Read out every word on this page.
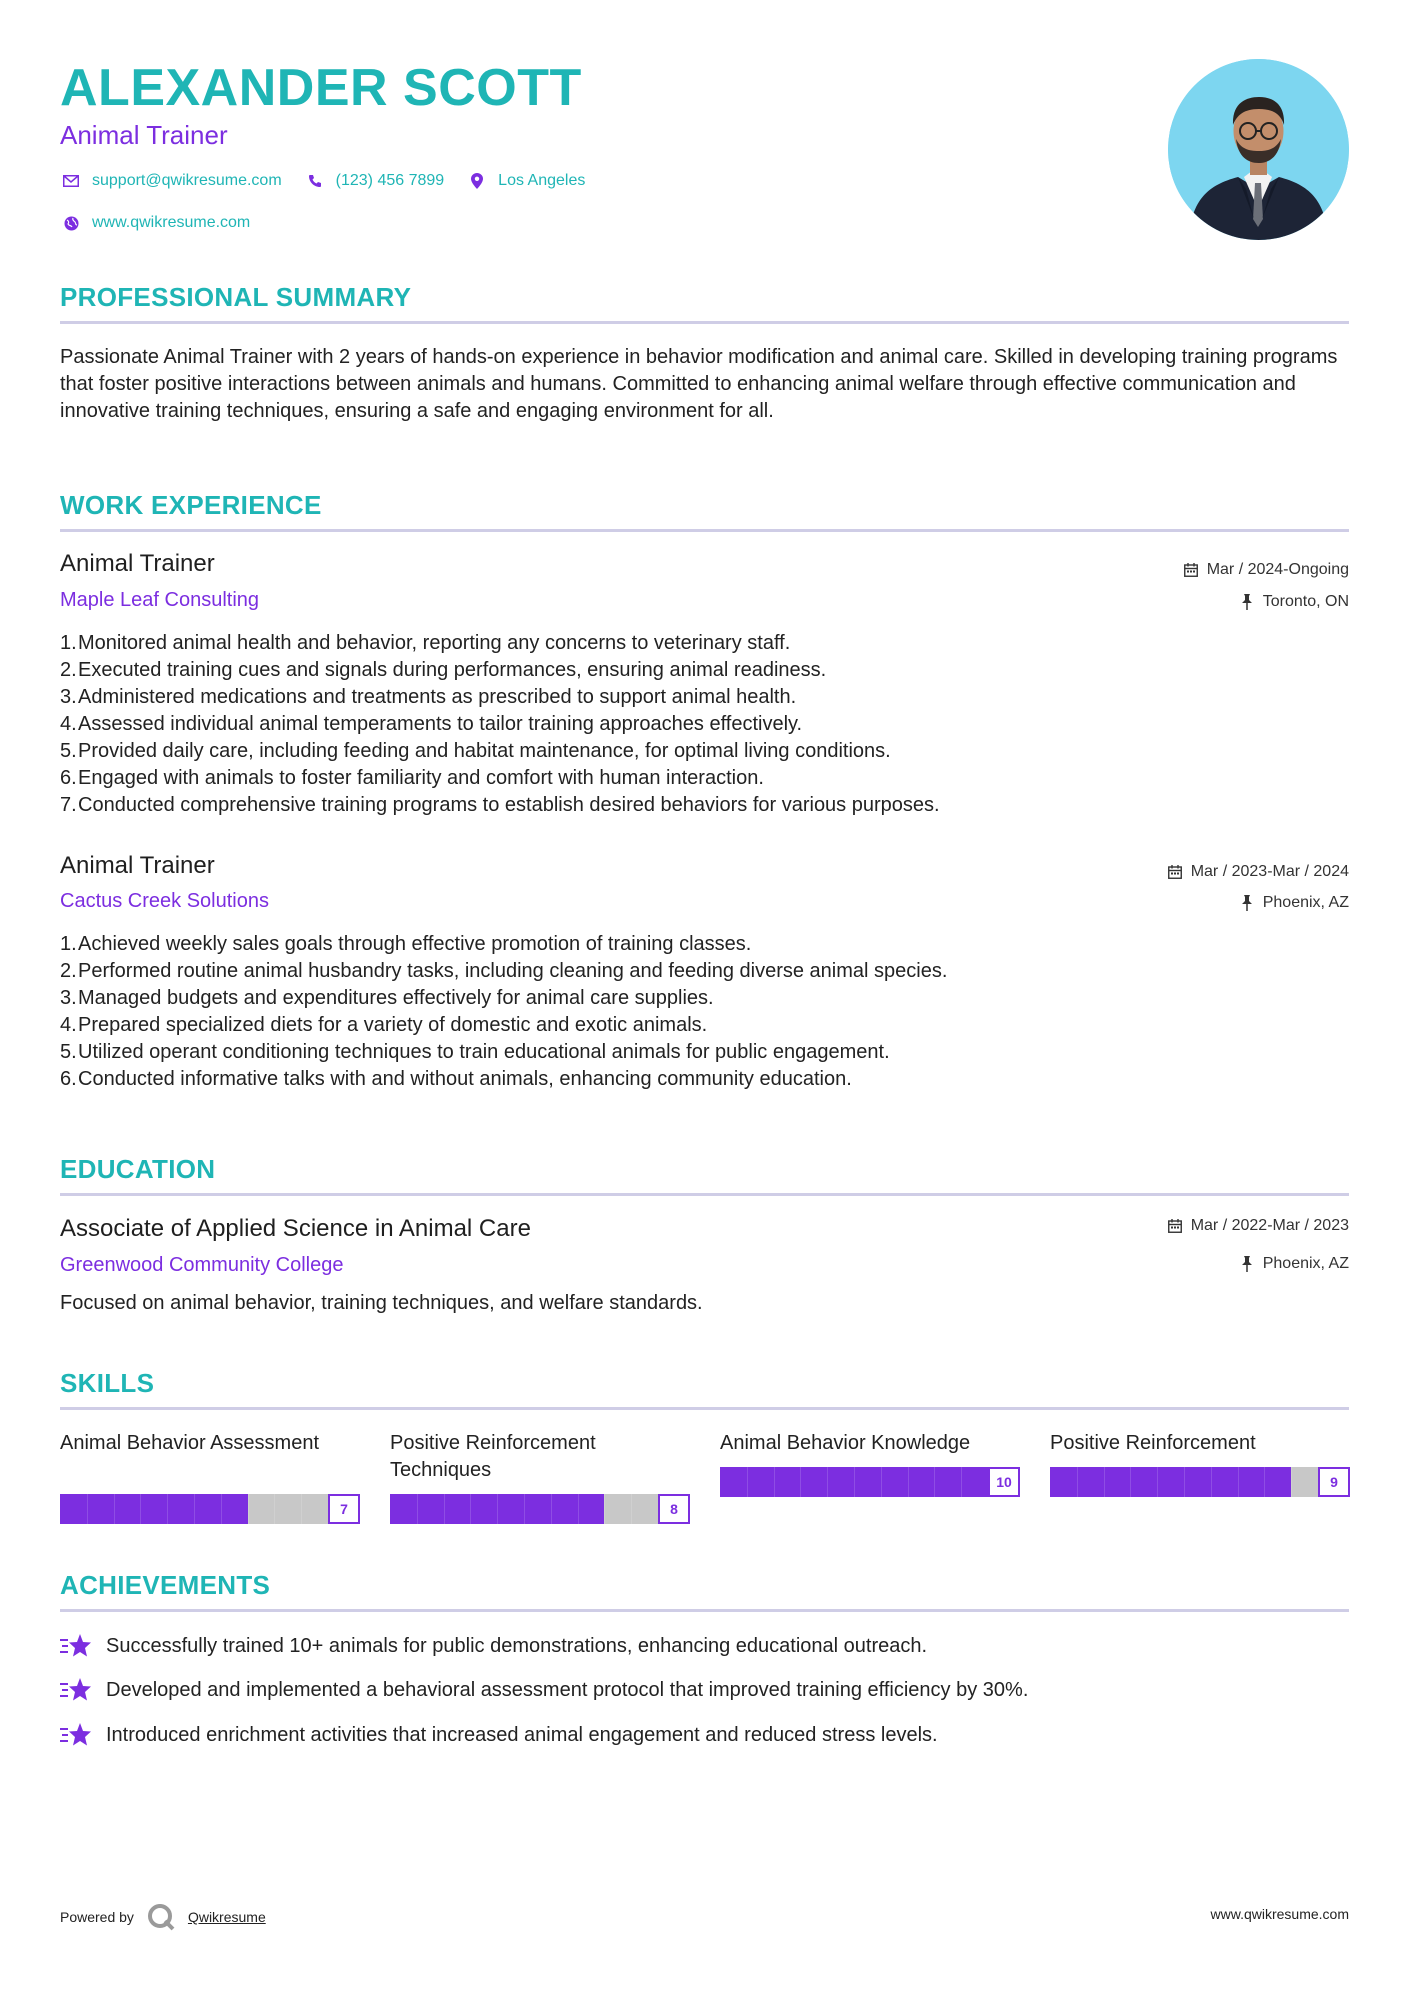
ALEXANDER SCOTT
Animal Trainer
support@qwikresume.com	(123) 456 7899	Los Angeles
www.qwikresume.com
PROFESSIONAL SUMMARY
Passionate Animal Trainer with 2 years of hands-on experience in behavior modification and animal care. Skilled in developing training programs that foster positive interactions between animals and humans. Committed to enhancing animal welfare through effective communication and innovative training techniques, ensuring a safe and engaging environment for all.
WORK EXPERIENCE
Animal Trainer
Maple Leaf Consulting
Mar / 2024-Ongoing
Toronto, ON
1. Monitored animal health and behavior, reporting any concerns to veterinary staff.
2. Executed training cues and signals during performances, ensuring animal readiness.
3. Administered medications and treatments as prescribed to support animal health.
4. Assessed individual animal temperaments to tailor training approaches effectively.
5. Provided daily care, including feeding and habitat maintenance, for optimal living conditions.
6. Engaged with animals to foster familiarity and comfort with human interaction.
7. Conducted comprehensive training programs to establish desired behaviors for various purposes.
Animal Trainer
Cactus Creek Solutions
Mar / 2023-Mar / 2024
Phoenix, AZ
1. Achieved weekly sales goals through effective promotion of training classes.
2. Performed routine animal husbandry tasks, including cleaning and feeding diverse animal species.
3. Managed budgets and expenditures effectively for animal care supplies.
4. Prepared specialized diets for a variety of domestic and exotic animals.
5. Utilized operant conditioning techniques to train educational animals for public engagement.
6. Conducted informative talks with and without animals, enhancing community education.
EDUCATION
Associate of Applied Science in Animal Care
Greenwood Community College
Mar / 2022-Mar / 2023
Phoenix, AZ
Focused on animal behavior, training techniques, and welfare standards.
SKILLS
Animal Behavior Assessment
7
Positive Reinforcement Techniques
8
Animal Behavior Knowledge
10
Positive Reinforcement
9
ACHIEVEMENTS
Successfully trained 10+ animals for public demonstrations, enhancing educational outreach.
Developed and implemented a behavioral assessment protocol that improved training efficiency by 30%.
Introduced enrichment activities that increased animal engagement and reduced stress levels.
Powered by	Qwikresume	www.qwikresume.com
